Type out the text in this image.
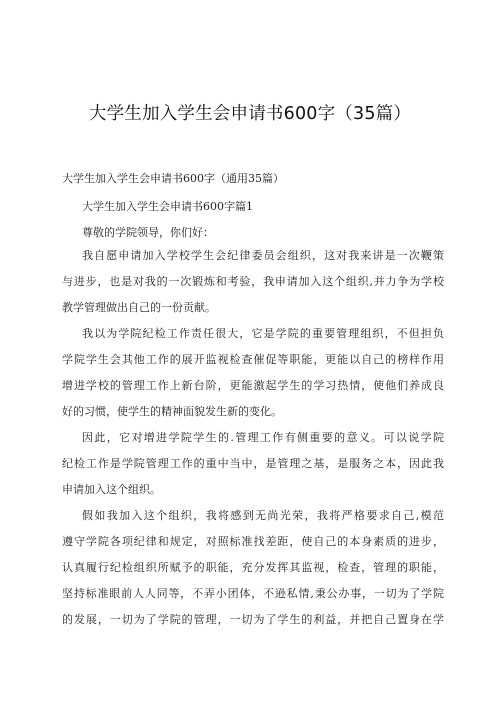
大学生加入学生会申请书600字（35篇）
大学生加入学生会申请书600字（通用35篇）
大学生加入学生会申请书600字篇1
尊敬的学院领导，你们好：

我自愿申请加入学校学生会纪律委员会组织，这对我来讲是一次鞭策
与进步，也是对我的一次锻炼和考验，我申请加入这个组织,并力争为学校
教学管理做出自己的一份贡献。

我以为学院纪检工作责任很大，它是学院的重要管理组织，不但担负
学院学生会其他工作的展开监视检查催促等职能，更能以自己的榜样作用
增进学校的管理工作上新台阶，更能激起学生的学习热情，使他们养成良
好的习惯，使学生的精神面貌发生新的变化。

因此，它对增进学院学生的.管理工作有侧重要的意义。可以说学院
纪检工作是学院管理工作的重中当中，是管理之基，是服务之本，因此我
申请加入这个组织。

假如我加入这个组织，我将感到无尚光荣，我将严格要求自己,模范
遵守学院各项纪律和规定，对照标准找差距，使自己的本身素质的进步，
认真履行纪检组织所赋予的职能，充分发挥其监视，检查，管理的职能，
坚持标准眼前人人同等，不弄小团体，不逊私情,秉公办事，一切为了学院
的发展，一切为了学院的管理，一切为了学生的利益，并把自己置身在学
